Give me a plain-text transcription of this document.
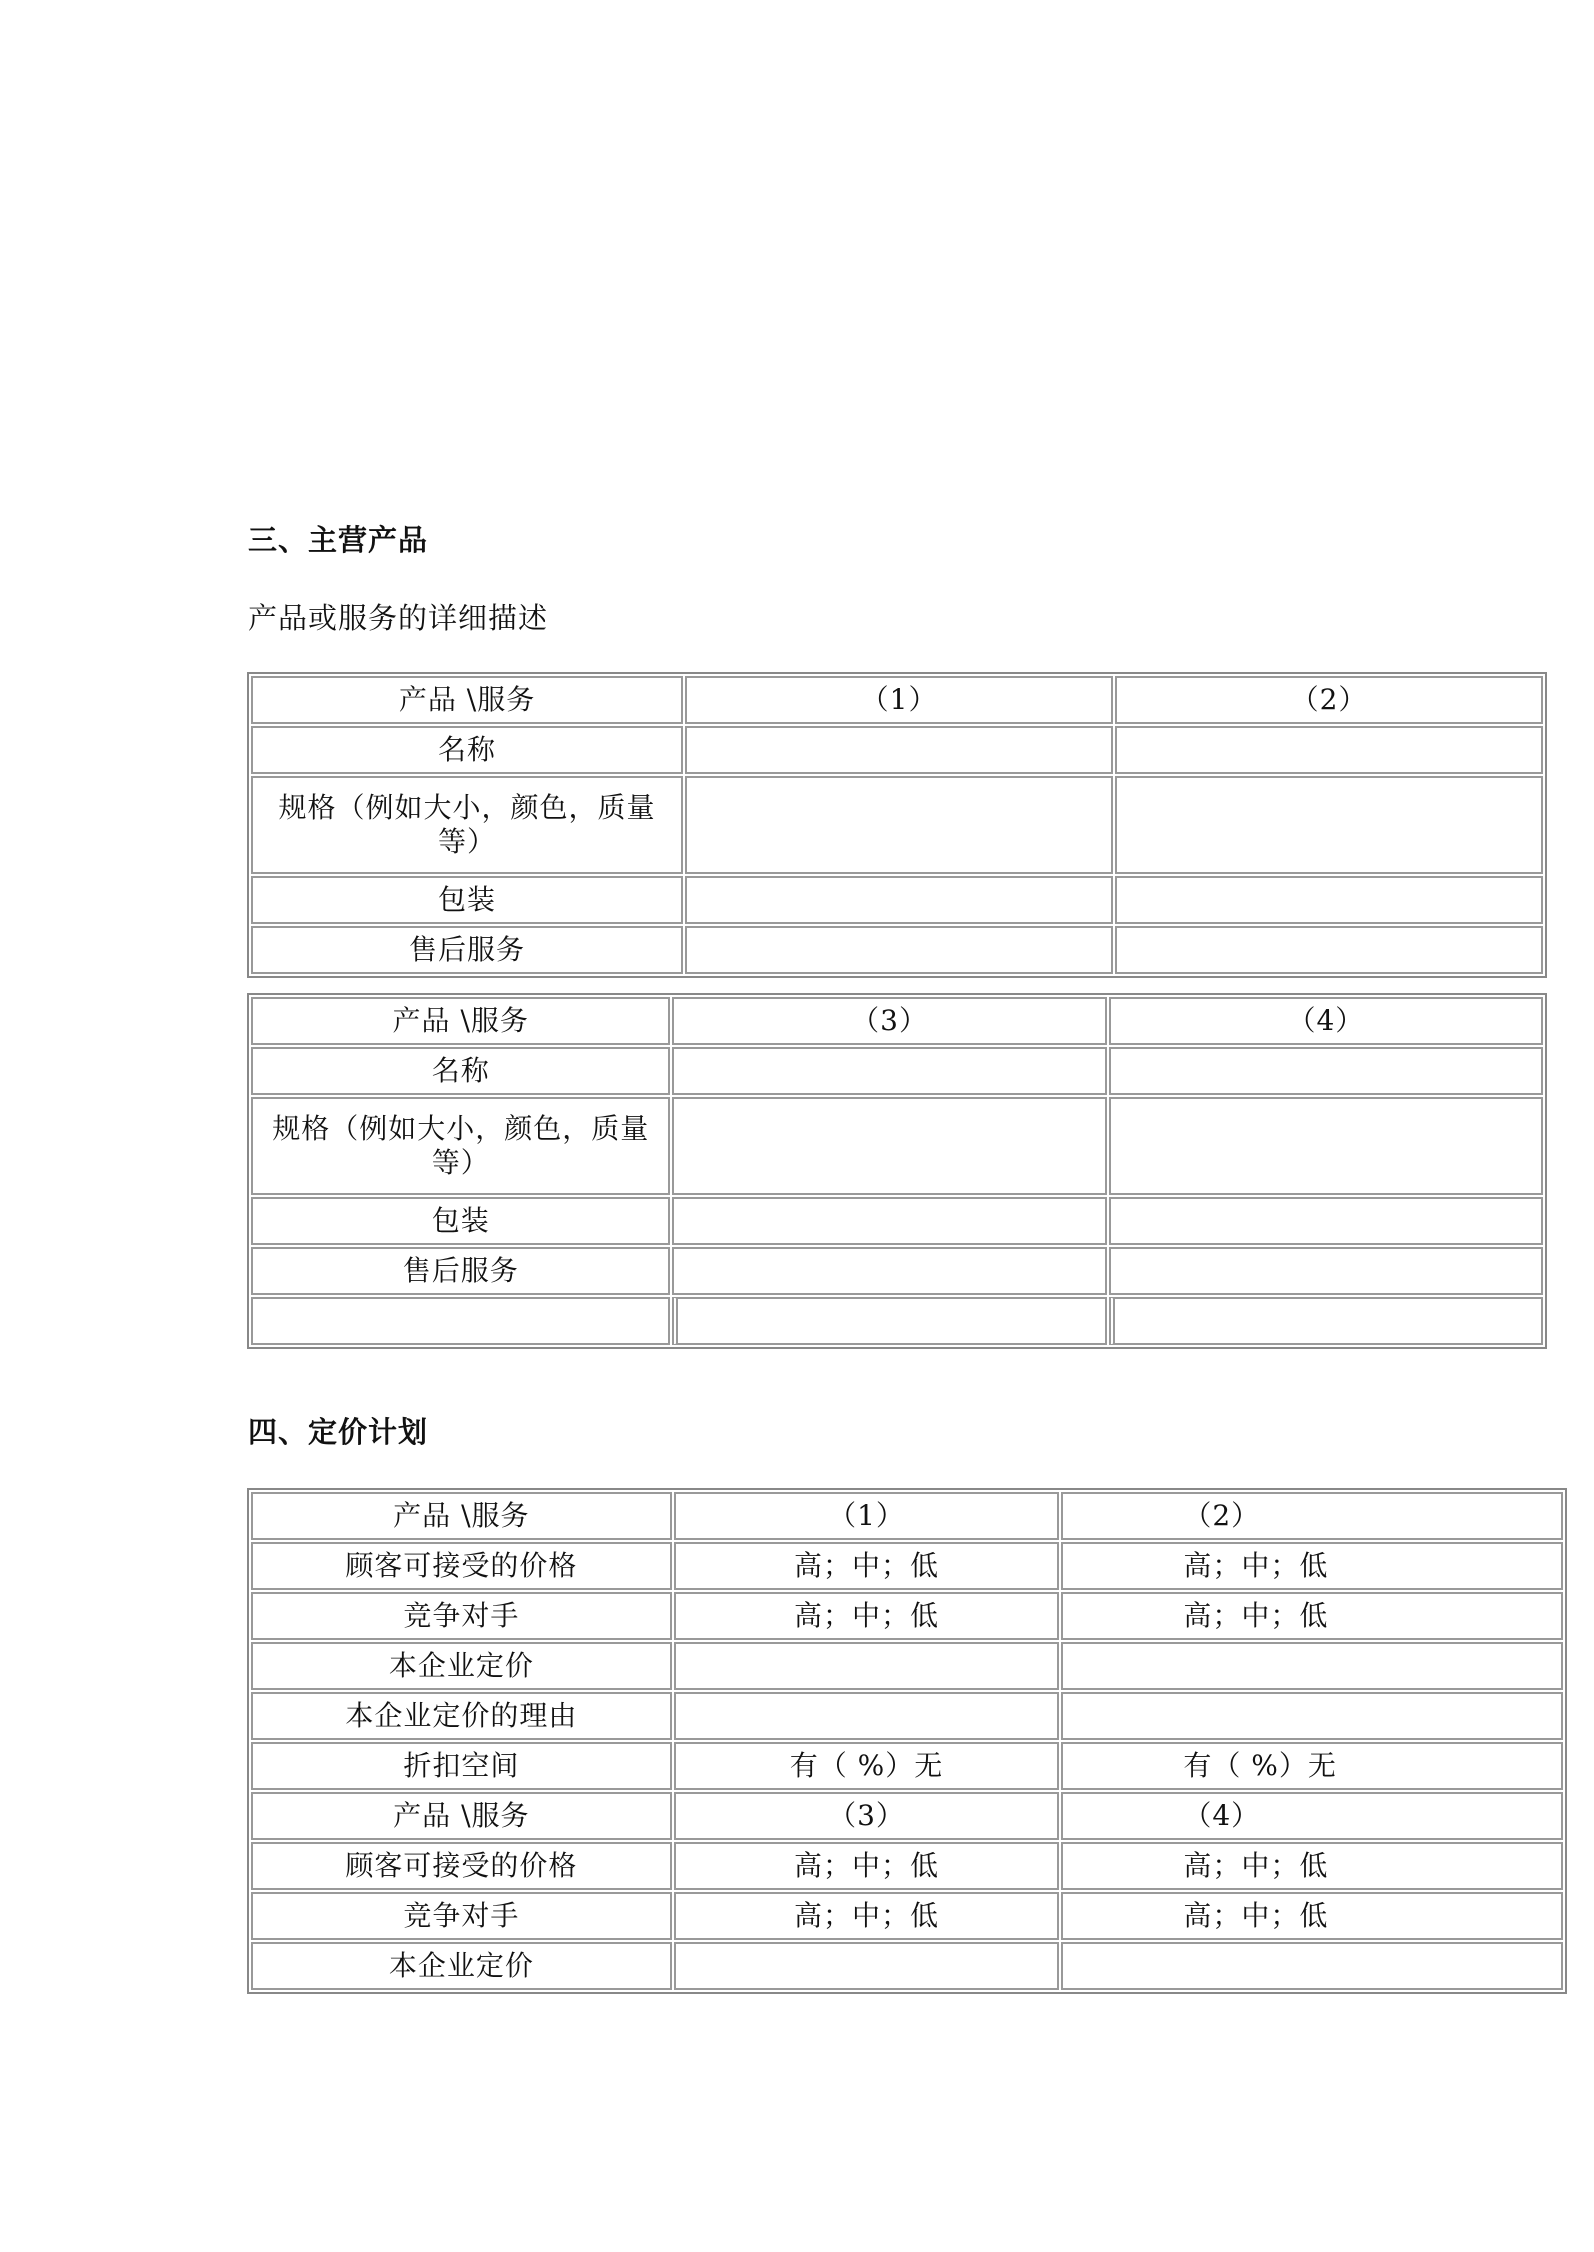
三、主营产品
产品或服务的详细描述
产品 \服务	（1）	（2）
名称		
规格（例如大小，颜色，质量等）		
包装		
售后服务		
产品 \服务	（3）	（4）
名称		
规格（例如大小，颜色，质量等）		
包装		
售后服务		

四、定价计划
产品 \服务	（1）	（2）
顾客可接受的价格	高；中；低	高；中；低
竞争对手	高；中；低	高；中；低
本企业定价		
本企业定价的理由		
折扣空间	有（ %）无	有（ %）无
产品 \服务	（3）	（4）
顾客可接受的价格	高；中；低	高；中；低
竞争对手	高；中；低	高；中；低
本企业定价		
